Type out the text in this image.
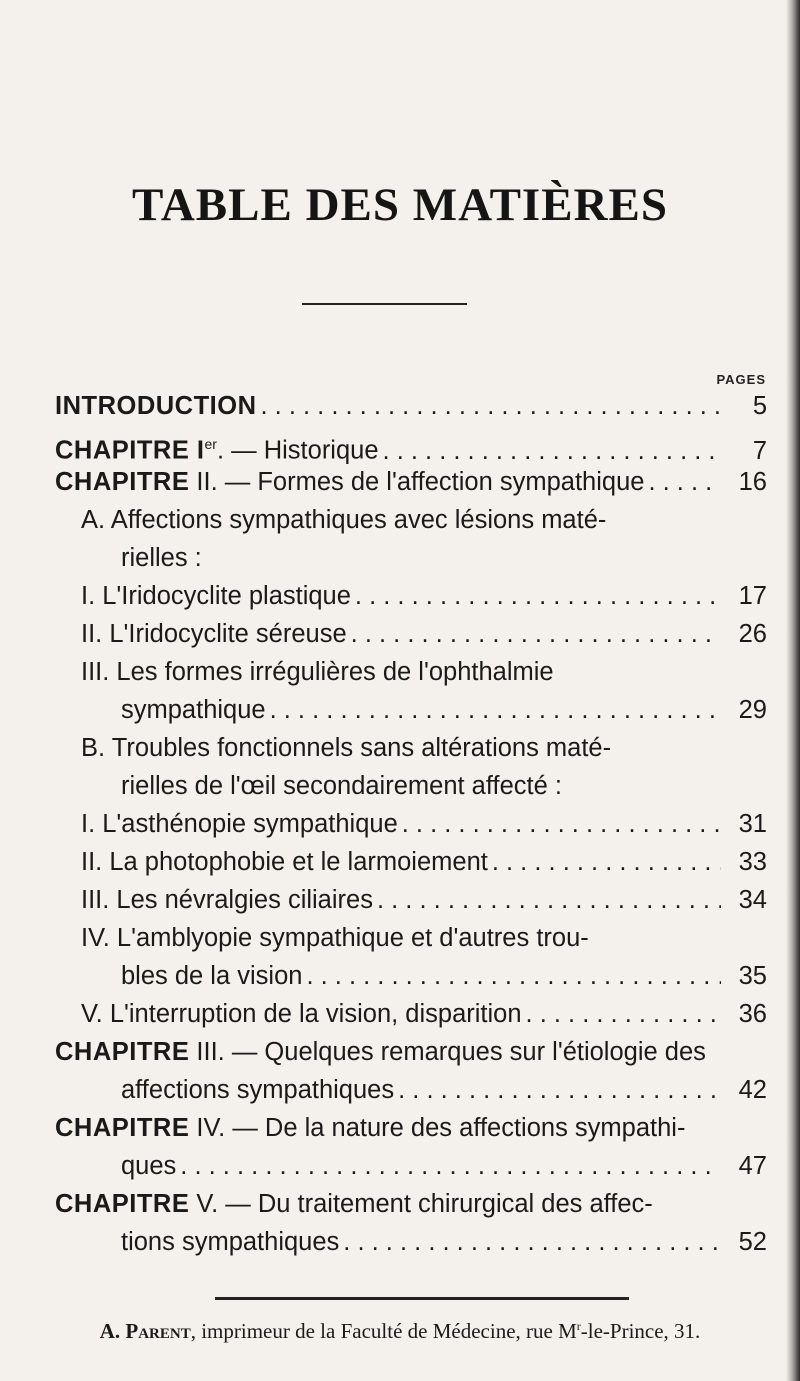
TABLE DES MATIÈRES
PAGES
INTRODUCTION . . .	5
CHAPITRE Ier. — Historique . . .	7
CHAPITRE II. — Formes de l'affection sympathique . . .	16
A. Affections sympathiques avec lésions maté-
rielles :
I. L'Iridocyclite plastique . . .	17
II. L'Iridocyclite séreuse . . .	26
III. Les formes irrégulières de l'ophthalmie
sympathique . . .	29
B. Troubles fonctionnels sans altérations maté-
rielles de l'œil secondairement affecté :
I. L'asthénopie sympathique . . .	31
II. La photophobie et le larmoiement . . .	33
III. Les névralgies ciliaires . . .	34
IV. L'amblyopie sympathique et d'autres trou-
bles de la vision . . .	35
V. L'interruption de la vision, disparition . . .	36
CHAPITRE III. — Quelques remarques sur l'étiologie des
affections sympathiques . . .	42
CHAPITRE IV. — De la nature des affections sympathi-
ques . . .	47
CHAPITRE V. — Du traitement chirurgical des affec-
tions sympathiques . . .	52
A. Parent, imprimeur de la Faculté de Médecine, rue $M^r-le$-Prince, 31.
